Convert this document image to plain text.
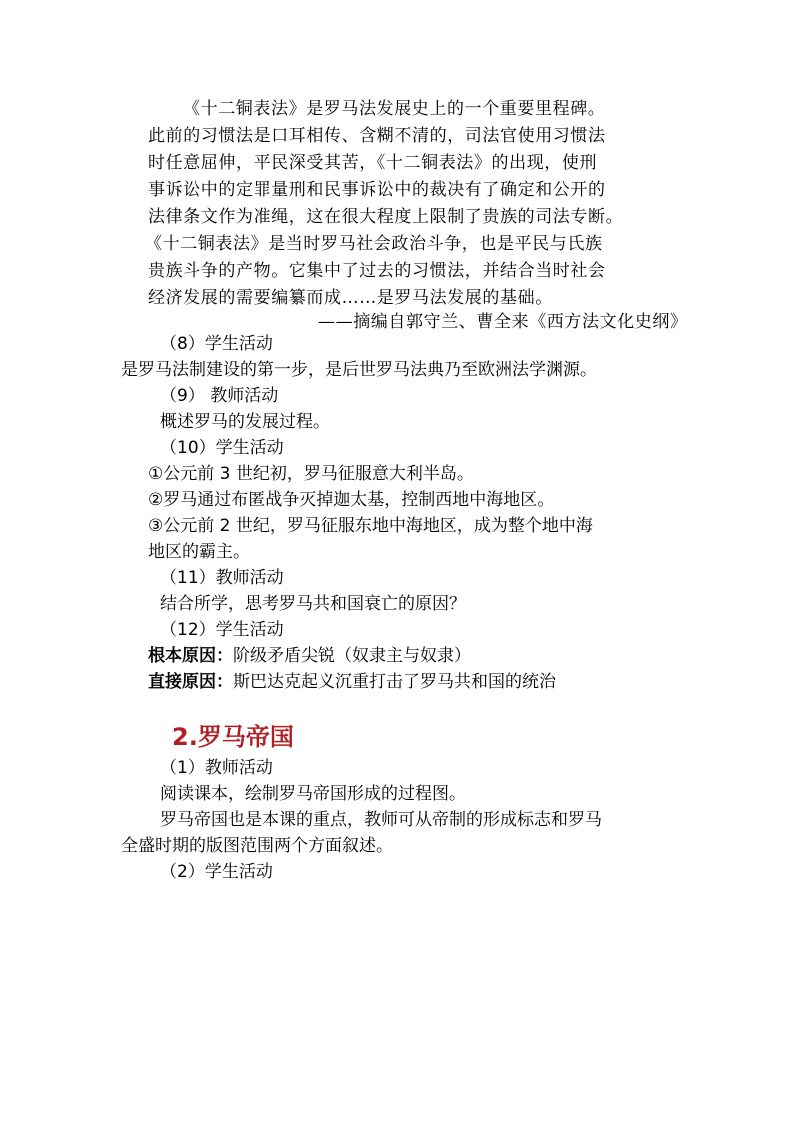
《十二铜表法》是罗马法发展史上的一个重要里程碑。
此前的习惯法是口耳相传、含糊不清的，司法官使用习惯法
时任意屈伸，平民深受其苦，《十二铜表法》的出现，使刑
事诉讼中的定罪量刑和民事诉讼中的裁决有了确定和公开的
法律条文作为准绳，这在很大程度上限制了贵族的司法专断。
《十二铜表法》是当时罗马社会政治斗争，也是平民与氏族
贵族斗争的产物。它集中了过去的习惯法，并结合当时社会
经济发展的需要编纂而成……是罗马法发展的基础。
——摘编自郭守兰、曹全来《西方法文化史纲》
（8）学生活动
是罗马法制建设的第一步，是后世罗马法典乃至欧洲法学渊源。
（9） 教师活动
概述罗马的发展过程。
（10）学生活动
①公元前 3 世纪初，罗马征服意大利半岛。
②罗马通过布匿战争灭掉迦太基，控制西地中海地区。
③公元前 2 世纪，罗马征服东地中海地区，成为整个地中海
地区的霸主。
（11）教师活动
结合所学，思考罗马共和国衰亡的原因？
（12）学生活动
根本原因：阶级矛盾尖锐（奴隶主与奴隶）
直接原因：斯巴达克起义沉重打击了罗马共和国的统治
2.罗马帝国
（1）教师活动
阅读课本，绘制罗马帝国形成的过程图。
罗马帝国也是本课的重点，教师可从帝制的形成标志和罗马
全盛时期的版图范围两个方面叙述。
（2）学生活动
